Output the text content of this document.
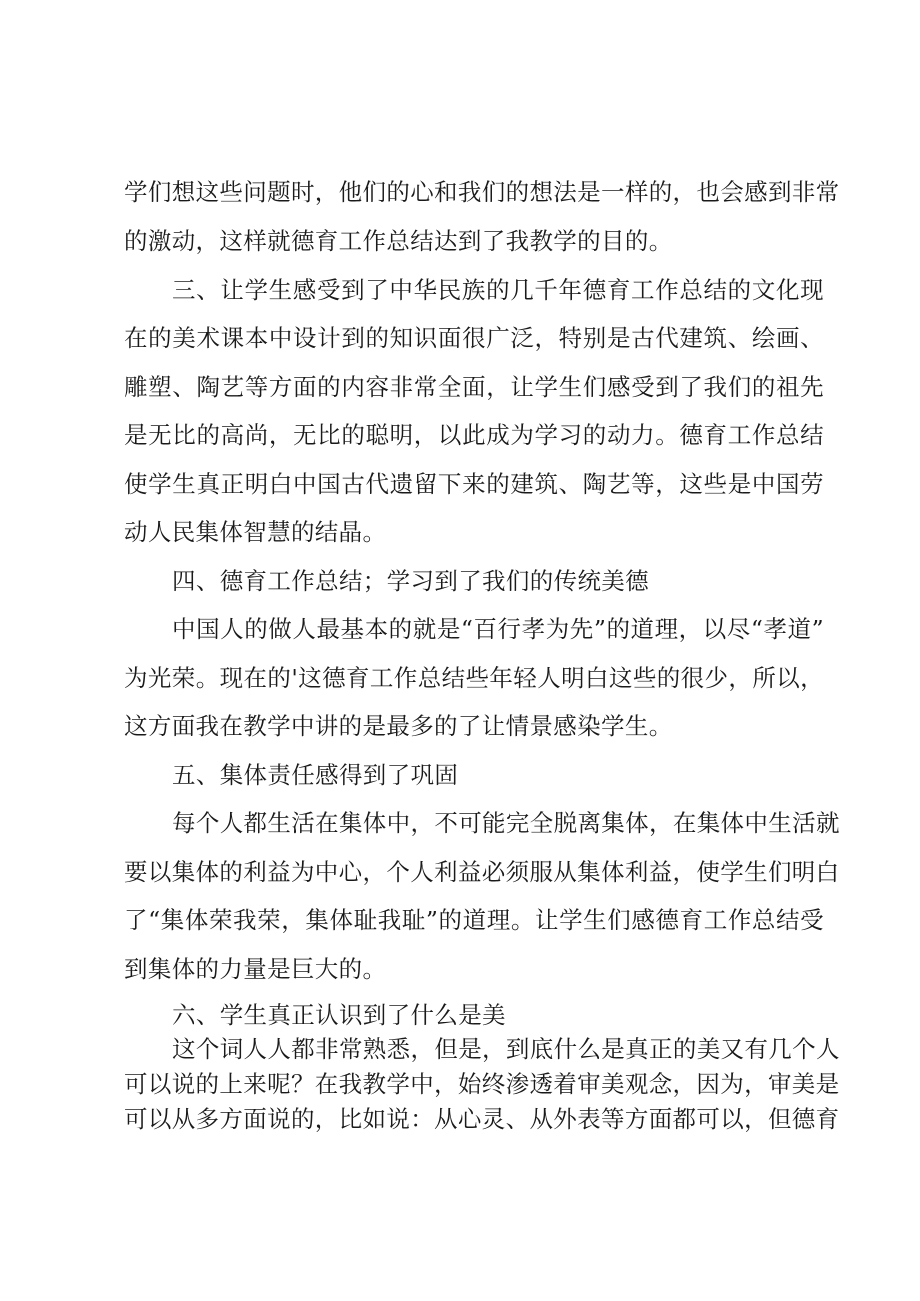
学们想这些问题时，他们的心和我们的想法是一样的，也会感到非常
的激动，这样就德育工作总结达到了我教学的目的。
三、让学生感受到了中华民族的几千年德育工作总结的文化现
在的美术课本中设计到的知识面很广泛，特别是古代建筑、绘画、
雕塑、陶艺等方面的内容非常全面，让学生们感受到了我们的祖先
是无比的高尚，无比的聪明，以此成为学习的动力。德育工作总结
使学生真正明白中国古代遗留下来的建筑、陶艺等，这些是中国劳
动人民集体智慧的结晶。
四、德育工作总结；学习到了我们的传统美德
中国人的做人最基本的就是“百行孝为先”的道理，以尽“孝道”
为光荣。现在的'这德育工作总结些年轻人明白这些的很少，所以，
这方面我在教学中讲的是最多的了让情景感染学生。
五、集体责任感得到了巩固
每个人都生活在集体中，不可能完全脱离集体，在集体中生活就
要以集体的利益为中心，个人利益必须服从集体利益，使学生们明白
了“集体荣我荣，集体耻我耻”的道理。让学生们感德育工作总结受
到集体的力量是巨大的。
六、学生真正认识到了什么是美
这个词人人都非常熟悉，但是，到底什么是真正的美又有几个人
可以说的上来呢？在我教学中，始终渗透着审美观念，因为，审美是
可以从多方面说的，比如说：从心灵、从外表等方面都可以，但德育
